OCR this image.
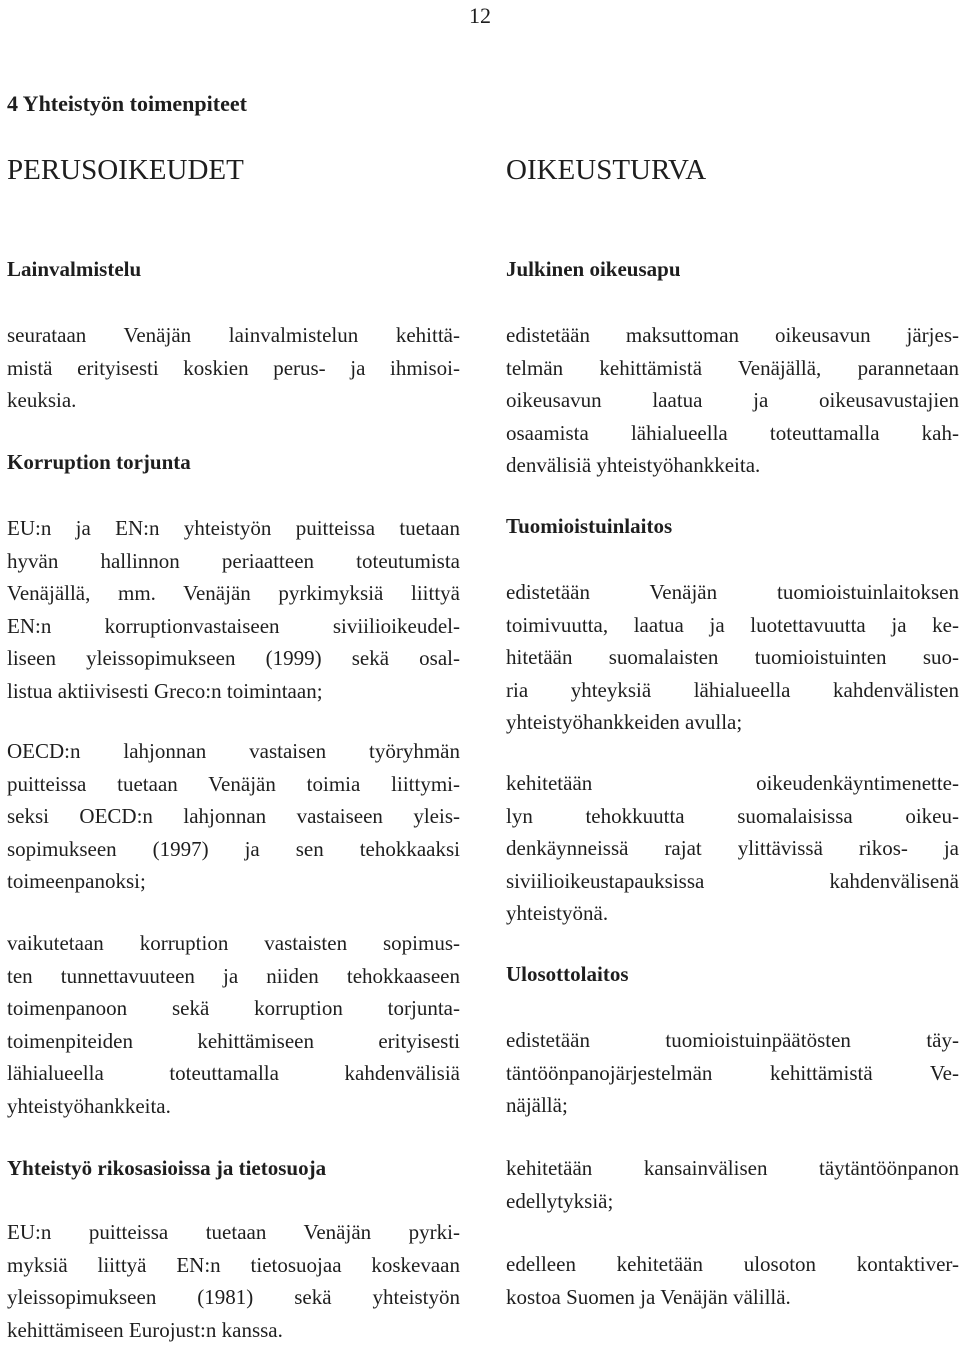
12
4 Yhteistyön toimenpiteet
PERUSOIKEUDET
Lainvalmistelu
seurataan Venäjän lainvalmistelun kehittä-
mistä erityisesti koskien perus- ja ihmisoi-
keuksia.
Korruption torjunta
EU:n ja EN:n yhteistyön puitteissa tuetaan
hyvän hallinnon periaatteen toteutumista
Venäjällä, mm. Venäjän pyrkimyksiä liittyä
EN:n korruptionvastaiseen siviilioikeudel-
liseen yleissopimukseen (1999) sekä osal-
listua aktiivisesti Greco:n toimintaan;
OECD:n lahjonnan vastaisen työryhmän
puitteissa tuetaan Venäjän toimia liittymi-
seksi OECD:n lahjonnan vastaiseen yleis-
sopimukseen (1997) ja sen tehokkaaksi
toimeenpanoksi;
vaikutetaan korruption vastaisten sopimus-
ten tunnettavuuteen ja niiden tehokkaaseen
toimenpanoon sekä korruption torjunta-
toimenpiteiden kehittämiseen erityisesti
lähialueella toteuttamalla kahdenvälisiä
yhteistyöhankkeita.
Yhteistyö rikosasioissa ja tietosuoja
EU:n puitteissa tuetaan Venäjän pyrki-
myksiä liittyä EN:n tietosuojaa koskevaan
yleissopimukseen (1981) sekä yhteistyön
kehittämiseen Eurojust:n kanssa.
OIKEUSTURVA
Julkinen oikeusapu
edistetään maksuttoman oikeusavun järjes-
telmän kehittämistä Venäjällä, parannetaan
oikeusavun laatua ja oikeusavustajien
osaamista lähialueella toteuttamalla kah-
denvälisiä yhteistyöhankkeita.
Tuomioistuinlaitos
edistetään Venäjän tuomioistuinlaitoksen
toimivuutta, laatua ja luotettavuutta ja ke-
hitetään suomalaisten tuomioistuinten suo-
ria yhteyksiä lähialueella kahdenvälisten
yhteistyöhankkeiden avulla;
kehitetään oikeudenkäyntimenette-
lyn tehokkuutta suomalaisissa oikeu-
denkäynneissä rajat ylittävissä rikos- ja
siviilioikeustapauksissa kahdenvälisenä
yhteistyönä.
Ulosottolaitos
edistetään tuomioistuinpäätösten täy-
täntöönpanojärjestelmän kehittämistä Ve-
näjällä;
kehitetään kansainvälisen täytäntöönpanon
edellytyksiä;
edelleen kehitetään ulosoton kontaktiver-
kostoa Suomen ja Venäjän välillä.
